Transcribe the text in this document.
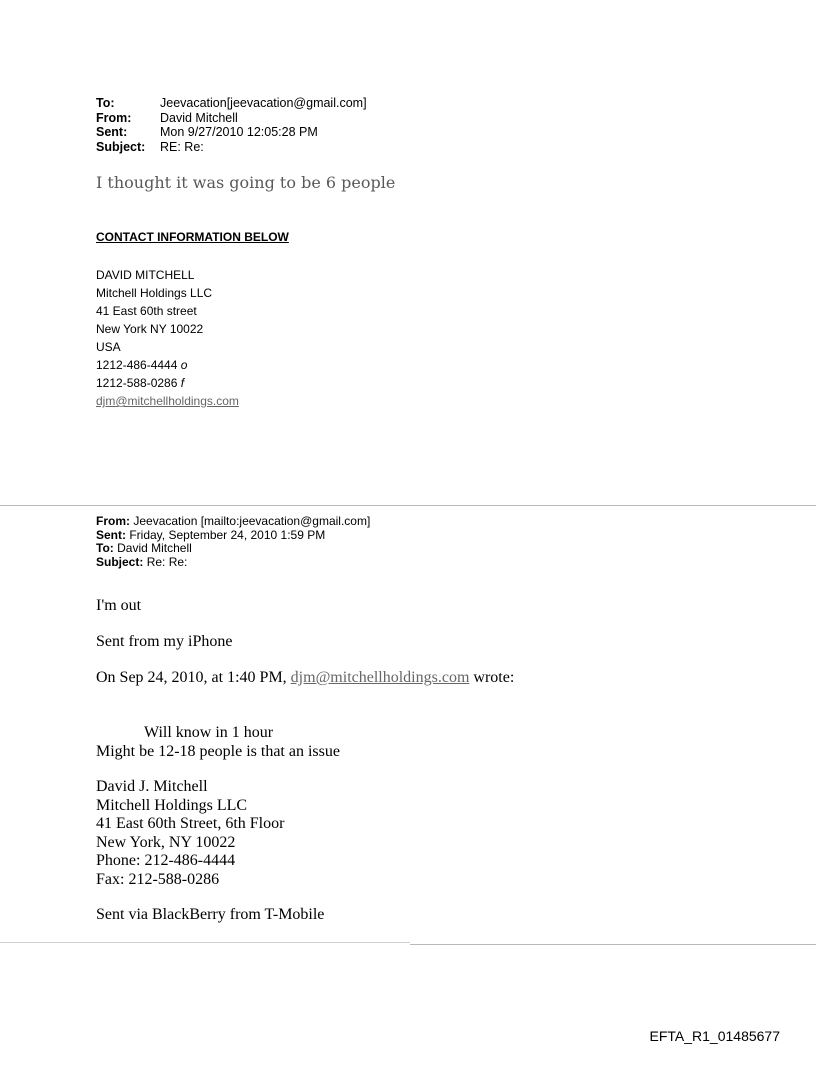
To:	Jeevacation[jeevacation@gmail.com]
From:	David Mitchell
Sent:	Mon 9/27/2010 12:05:28 PM
Subject:	RE: Re:
I thought it was going to be 6 people
CONTACT INFORMATION BELOW
DAVID MITCHELL
Mitchell Holdings LLC
41 East 60th street
New York NY 10022
USA
1212-486-4444 o
1212-588-0286 f
djm@mitchellholdings.com
From: Jeevacation [mailto:jeevacation@gmail.com]
Sent: Friday, September 24, 2010 1:59 PM
To: David Mitchell
Subject: Re: Re:
I'm out
Sent from my iPhone
On Sep 24, 2010, at 1:40 PM, djm@mitchellholdings.com wrote:
Will know in 1 hour
Might be 12-18 people is that an issue
David J. Mitchell
Mitchell Holdings LLC
41 East 60th Street, 6th Floor
New York, NY 10022
Phone: 212-486-4444
Fax: 212-588-0286
Sent via BlackBerry from T-Mobile
EFTA_R1_01485677
